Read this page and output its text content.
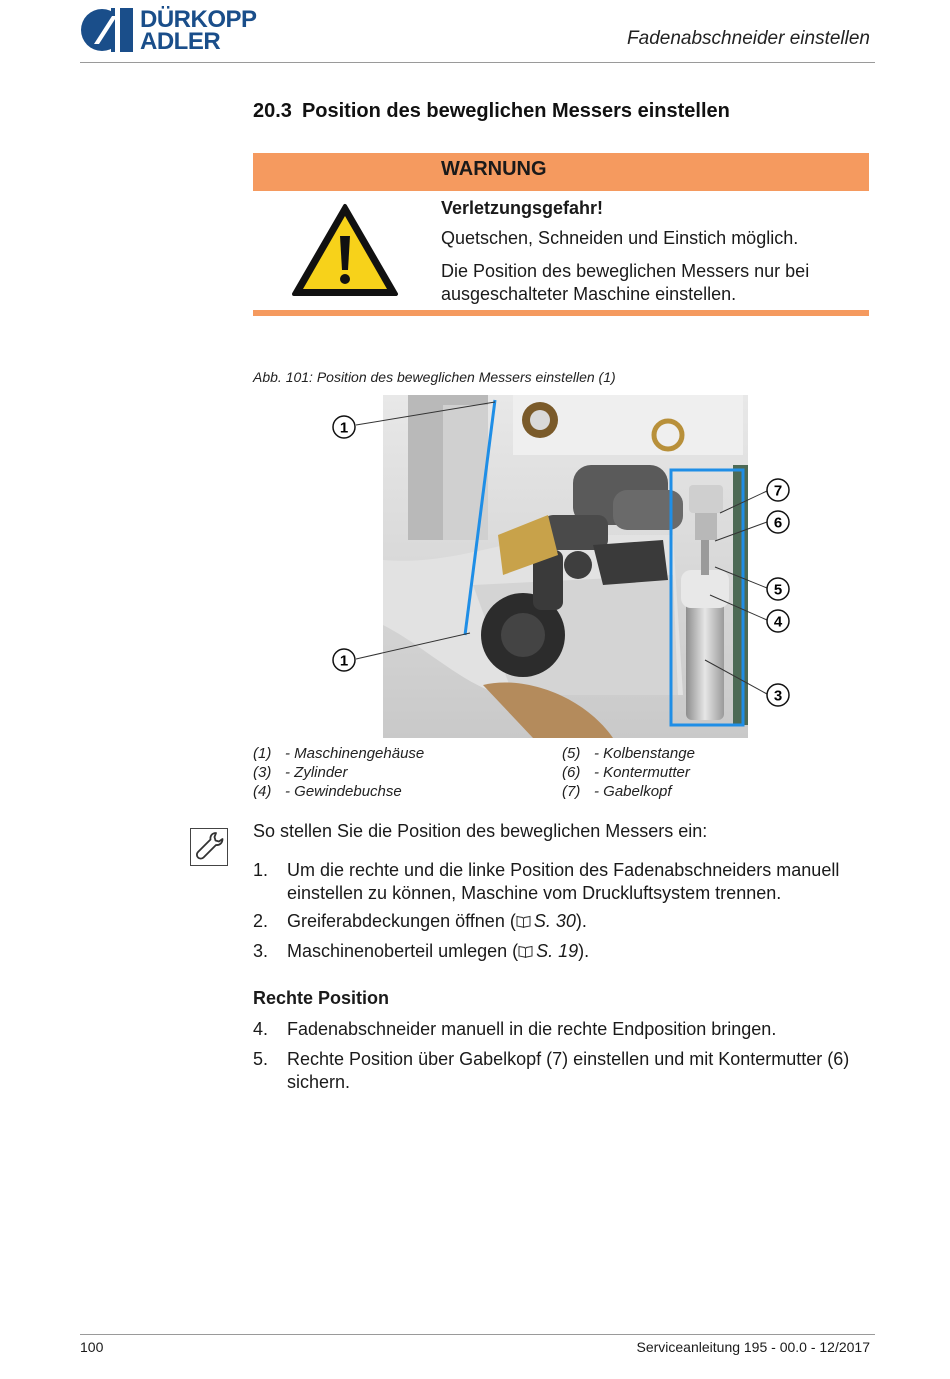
DÜRKOPP
ADLER	Fadenabschneider einstellen
20.3 Position des beweglichen Messers einstellen
WARNUNG
Verletzungsgefahr!
Quetschen, Schneiden und Einstich möglich.
Die Position des beweglichen Messers nur bei ausgeschalteter Maschine einstellen.
Abb. 101: Position des beweglichen Messers einstellen (1)
1
1
7
6
5
4
3
(1) - Maschinengehäuse
(3) - Zylinder
(4) - Gewindebuchse
(5) - Kolbenstange
(6) - Kontermutter
(7) - Gabelkopf
So stellen Sie die Position des beweglichen Messers ein:
1. Um die rechte und die linke Position des Fadenabschneiders manuell einstellen zu können, Maschine vom Druckluftsystem trennen.
2. Greiferabdeckungen öffnen ( S. 30).
3. Maschinenoberteil umlegen ( S. 19).
Rechte Position
4. Fadenabschneider manuell in die rechte Endposition bringen.
5. Rechte Position über Gabelkopf (7) einstellen und mit Kontermutter (6) sichern.
100	Serviceanleitung 195 - 00.0 - 12/2017
